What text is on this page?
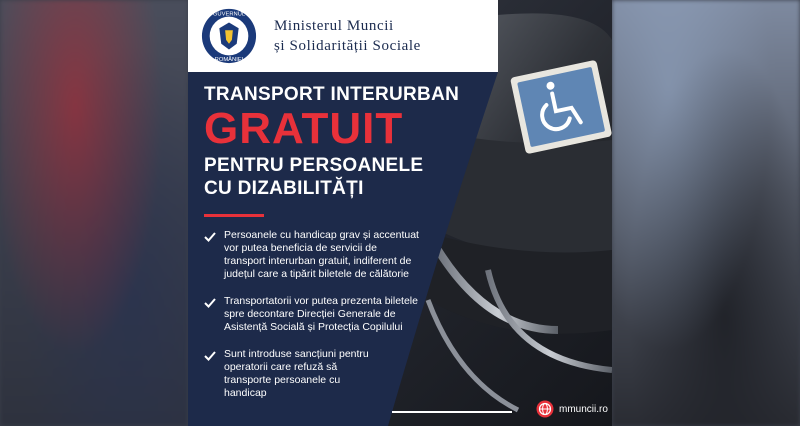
GUVERNUL
ROMÂNIEI
Ministerul Muncii
și Solidarității Sociale
TRANSPORT INTERURBAN
GRATUIT
PENTRU PERSOANELE
CU DIZABILITĂȚI
Persoanele cu handicap grav și accentuat vor putea beneficia de servicii de transport interurban gratuit, indiferent de județul care a tipărit biletele de călătorie
Transportatorii vor putea prezenta biletele spre decontare Direcției Generale de Asistență Socială și Protecția Copilului
Sunt introduse sancțiuni pentru operatorii care refuză să transporte persoanele cu handicap
mmuncii.ro
